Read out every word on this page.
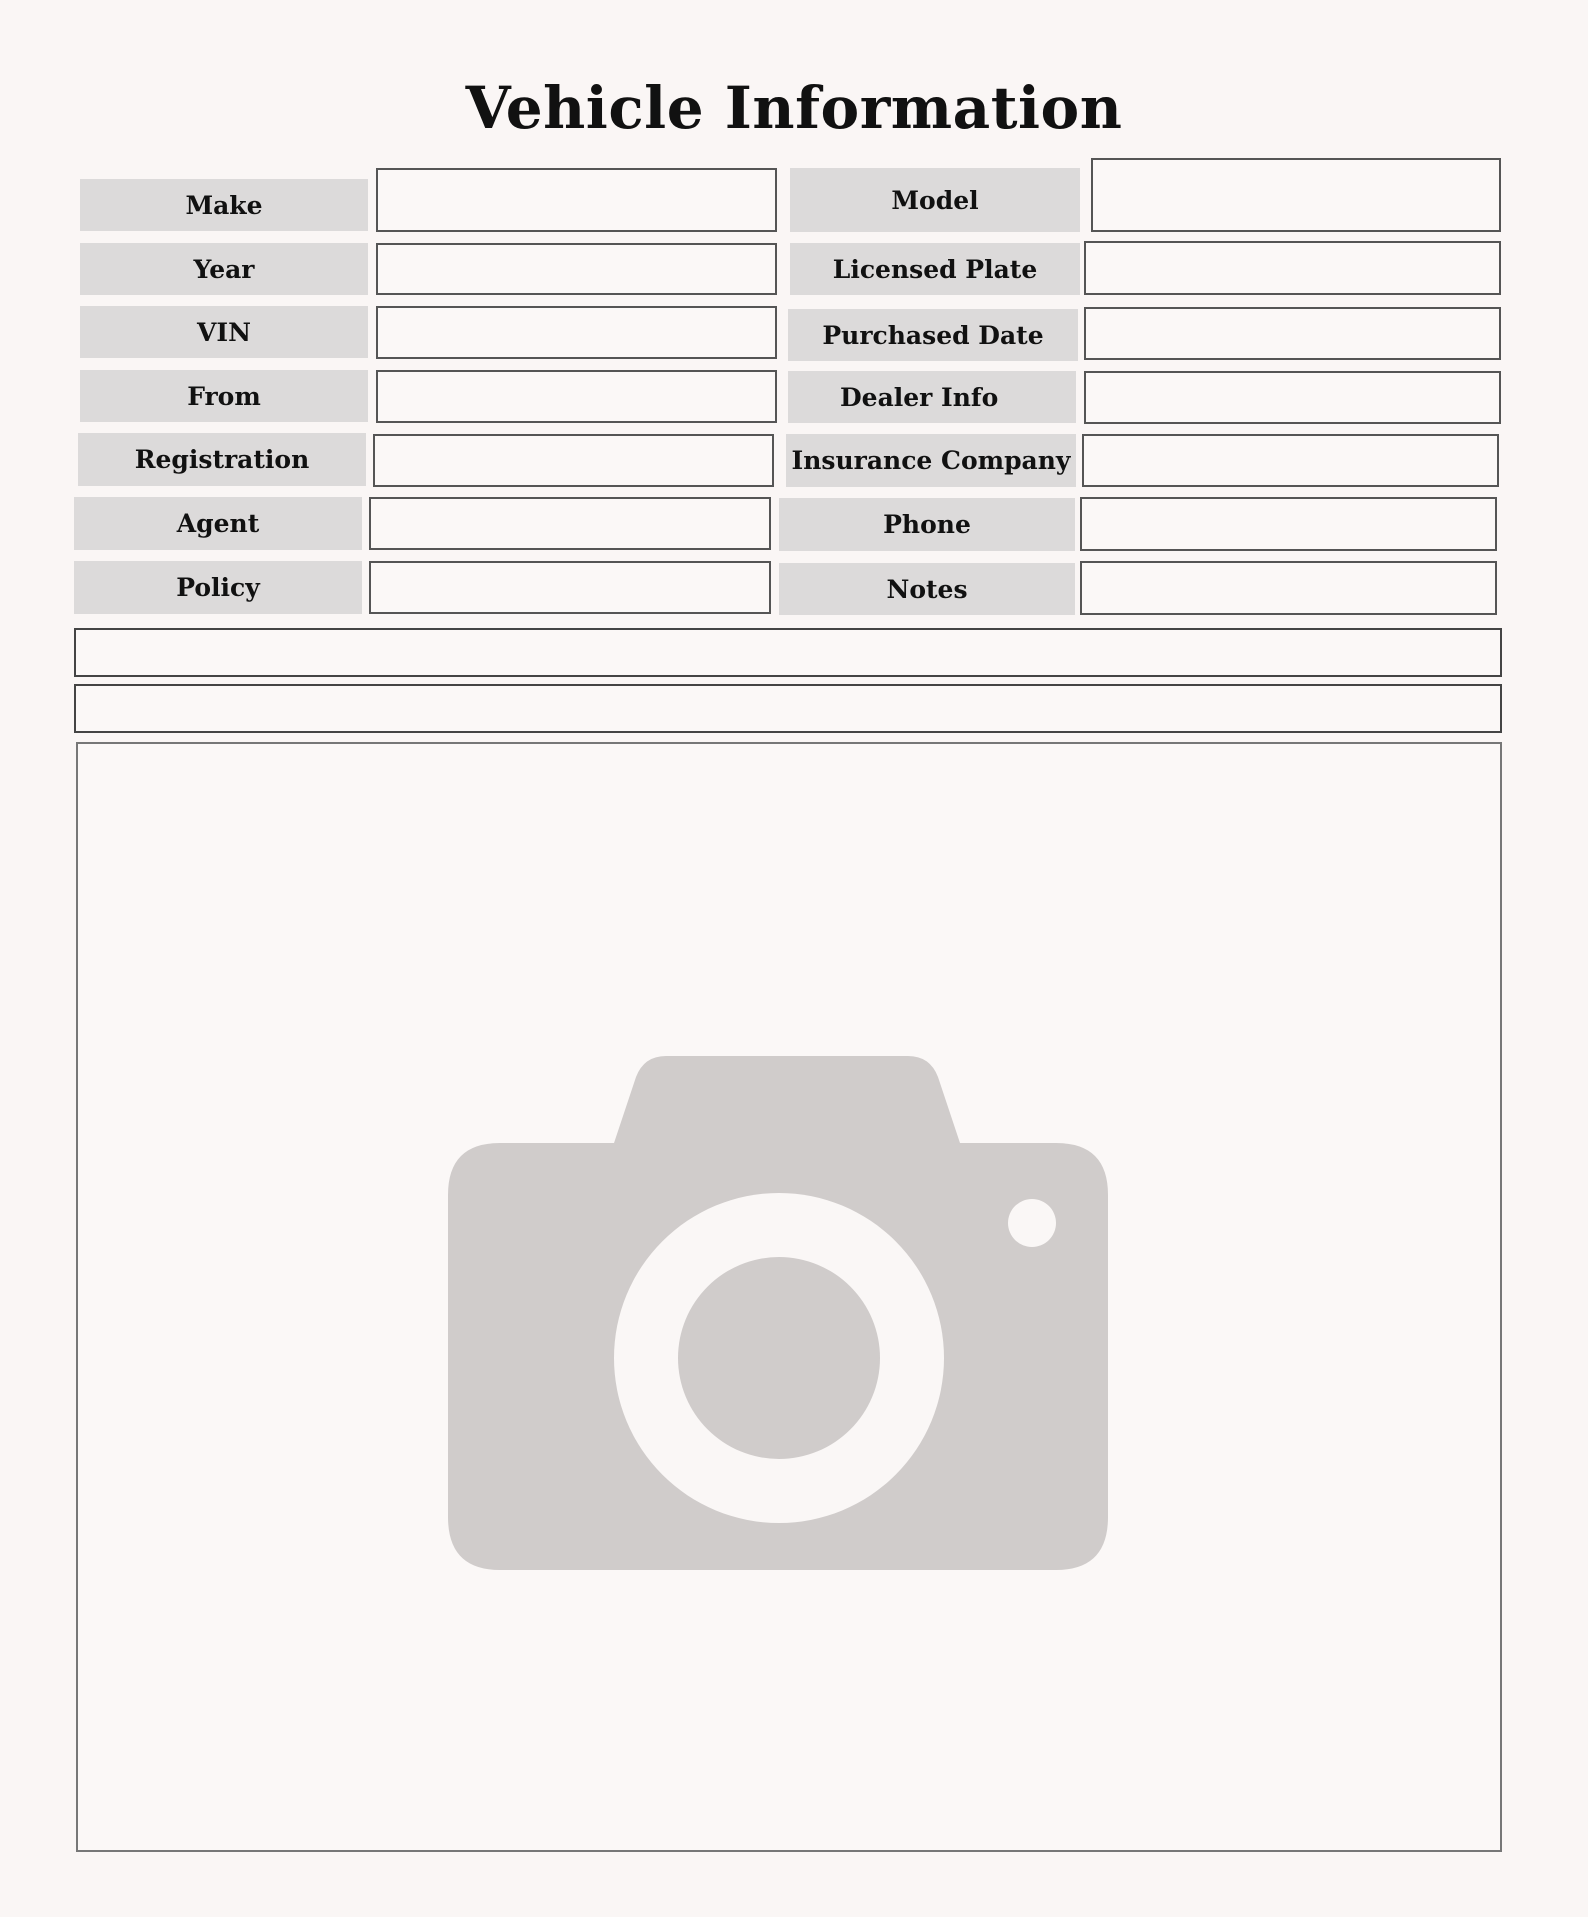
Vehicle Information
Make	Model
Year	Licensed Plate
VIN	Purchased Date
From	Dealer Info
Registration	Insurance Company
Agent	Phone
Policy	Notes
